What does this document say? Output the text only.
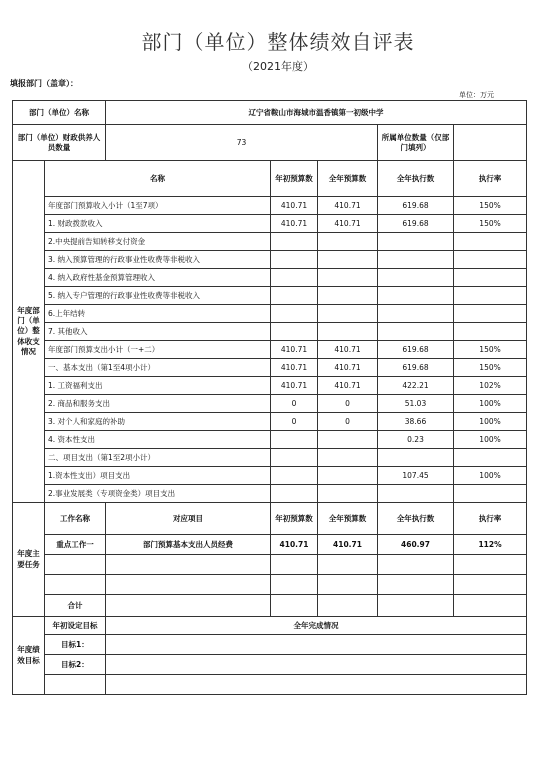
部门（单位）整体绩效自评表
（2021年度）
填报部门（盖章）：
单位：万元
部门（单位）名称		辽宁省鞍山市海城市温香镇第一初级中学				
部门（单位）财政供养人员数量		73			所属单位数量（仅部门填列）	
年度部门（单位）整体收支情况	名称		年初预算数	全年预算数	全年执行数	执行率
	年度部门预算收入小计（1至7项）		410.71	410.71	619.68	150%
	1. 财政拨款收入		410.71	410.71	619.68	150%
	2.中央提前告知转移支付资金					
	3. 纳入预算管理的行政事业性收费等非税收入					
	4. 纳入政府性基金预算管理收入					
	5. 纳入专户管理的行政事业性收费等非税收入					
	6.上年结转					
	7. 其他收入					
	年度部门预算支出小计（一+二）		410.71	410.71	619.68	150%
	一、基本支出（第1至4项小计）		410.71	410.71	619.68	150%
	1. 工资福利支出		410.71	410.71	422.21	102%
	2. 商品和服务支出		0	0	51.03	100%
	3. 对个人和家庭的补助		0	0	38.66	100%
	4. 资本性支出				0.23	100%
	二、项目支出（第1至2项小计）					
	1.资本性支出）项目支出				107.45	100%
	2.事业发展类（专项资金类）项目支出					
年度主要任务	工作名称	对应项目	年初预算数	全年预算数	全年执行数	执行率
	重点工作一	部门预算基本支出人员经费	410.71	410.71	460.97	112%

	合计					
年度绩效目标	年初设定目标	全年完成情况				
	目标1：					
	目标2：					
